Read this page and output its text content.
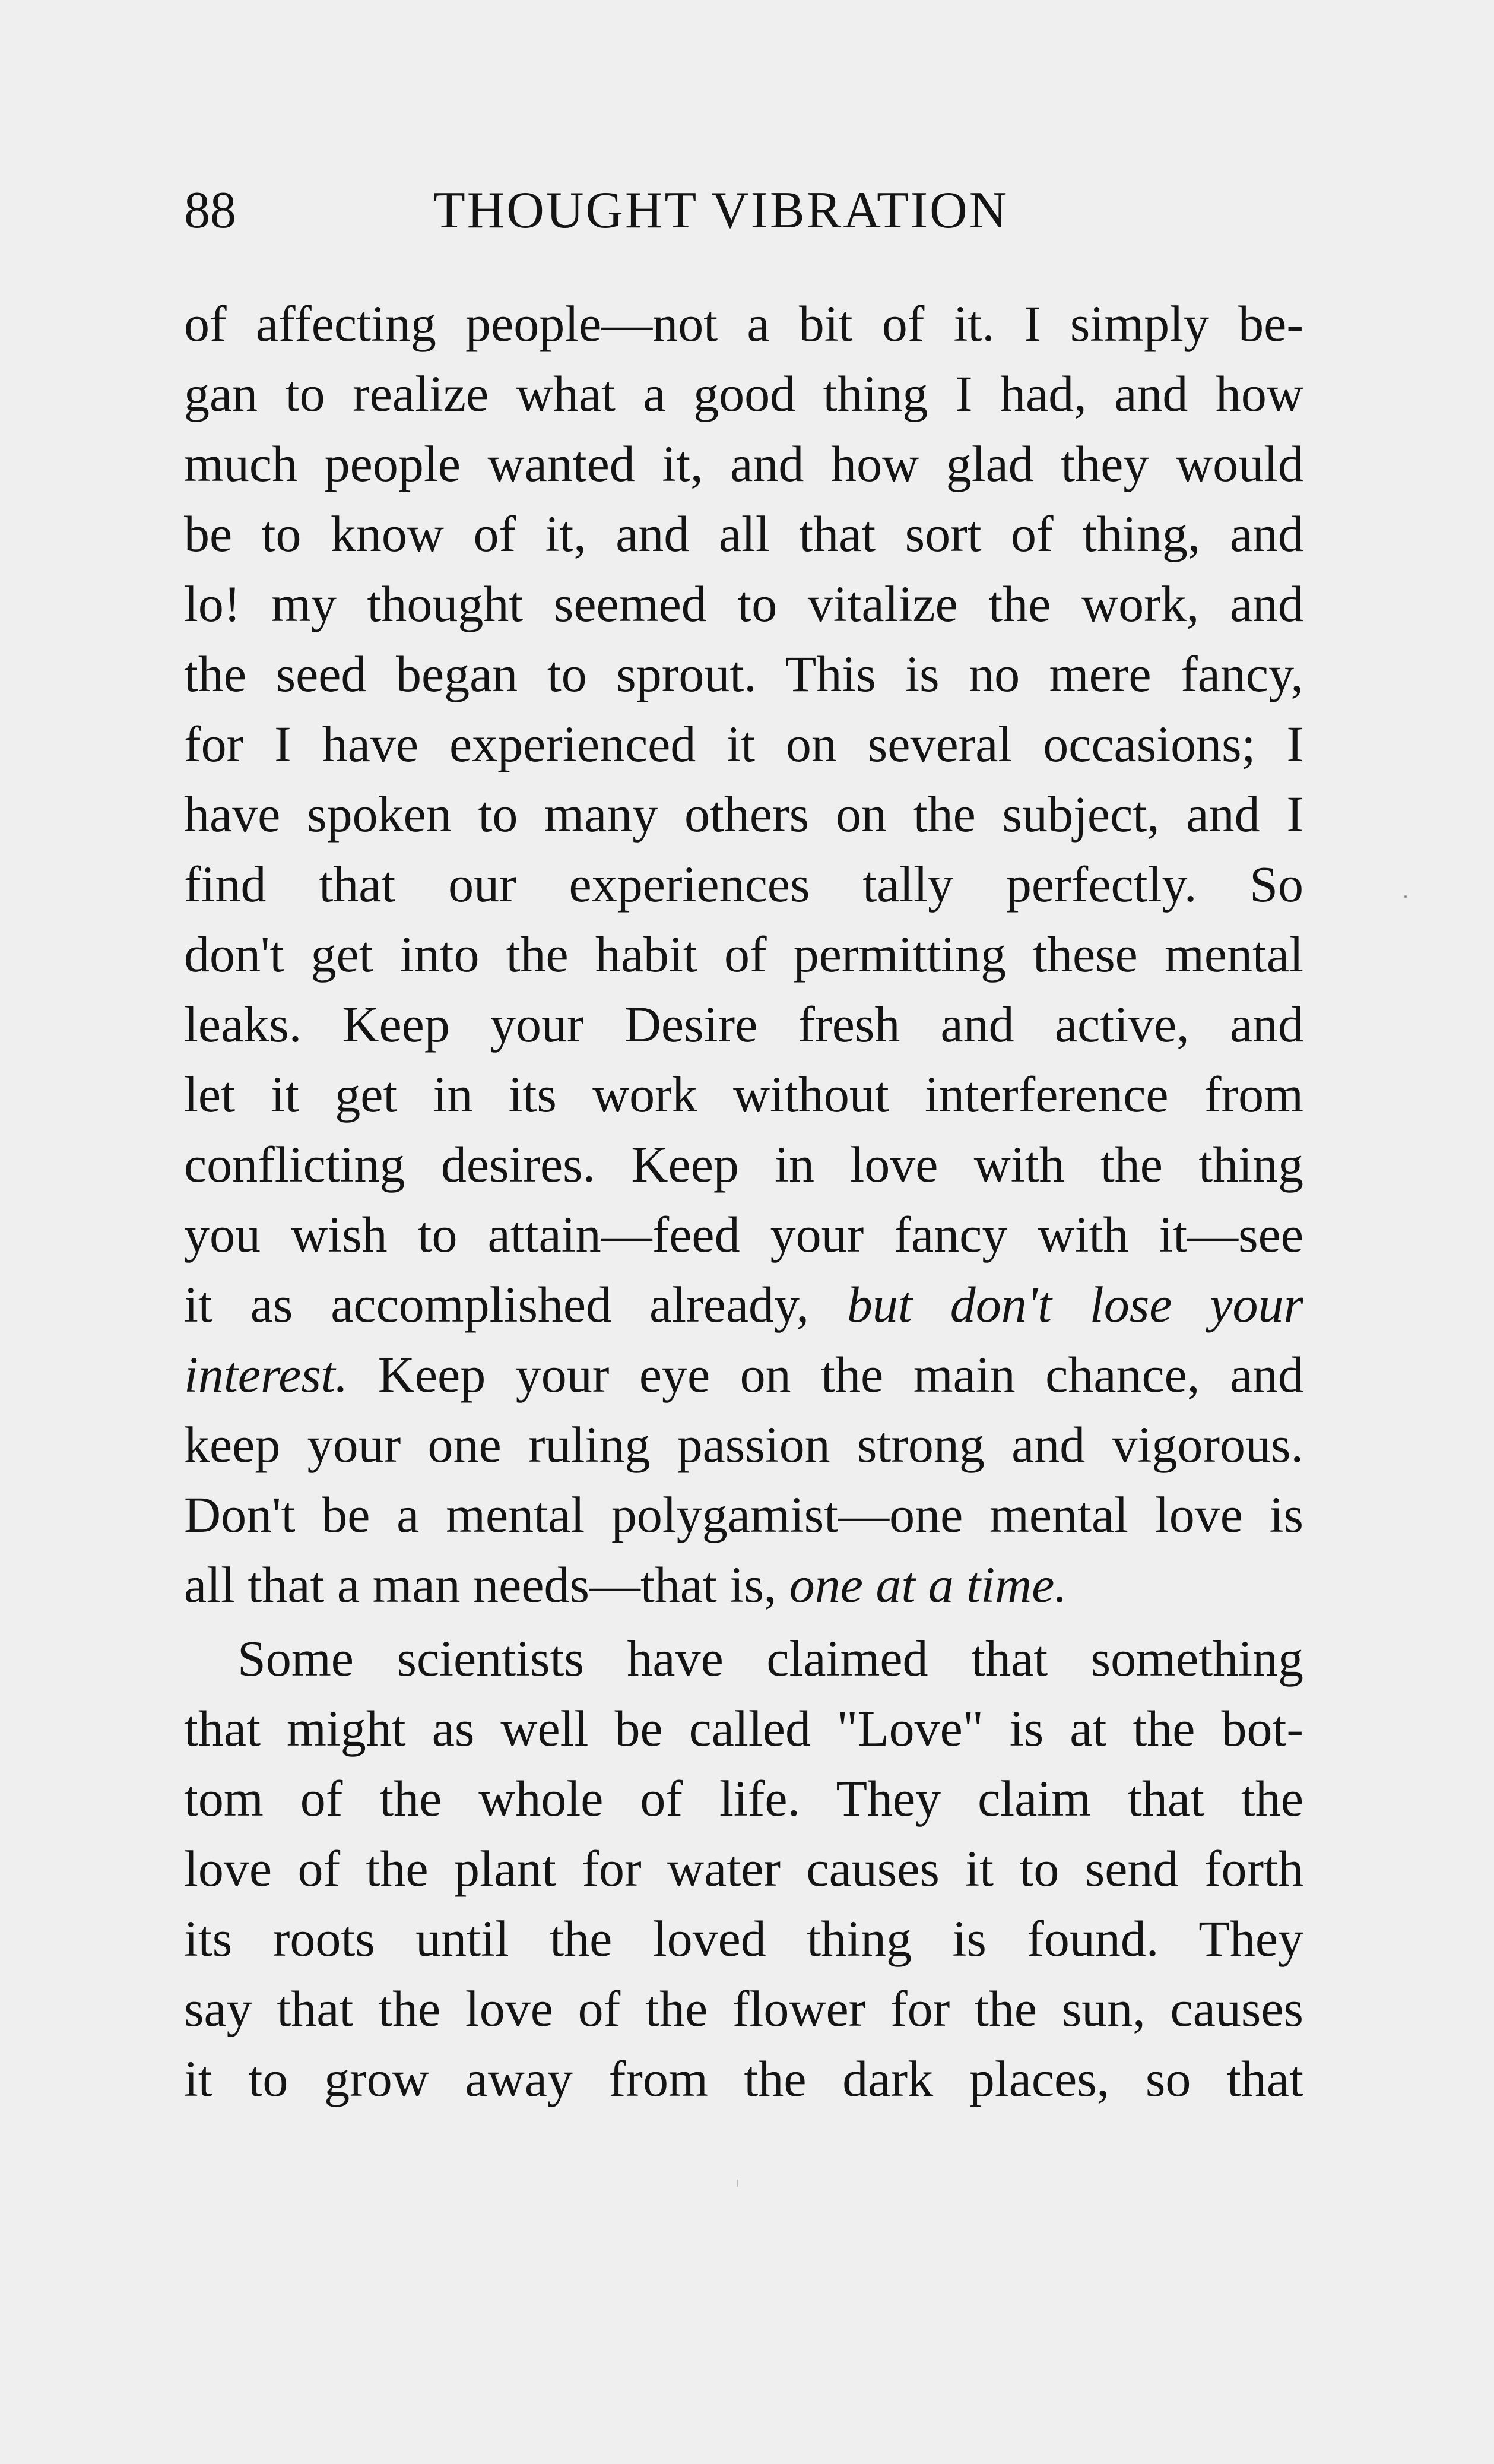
88	THOUGHT VIBRATION
of affecting people—not a bit of it. I simply be-
gan to realize what a good thing I had, and how
much people wanted it, and how glad they would
be to know of it, and all that sort of thing, and
lo! my thought seemed to vitalize the work, and
the seed began to sprout. This is no mere fancy,
for I have experienced it on several occasions; I
have spoken to many others on the subject, and I
find that our experiences tally perfectly. So
don't get into the habit of permitting these mental
leaks. Keep your Desire fresh and active, and
let it get in its work without interference from
conflicting desires. Keep in love with the thing
you wish to attain—feed your fancy with it—see
it as accomplished already, but don't lose your
interest. Keep your eye on the main chance, and
keep your one ruling passion strong and vigorous.
Don't be a mental polygamist—one mental love is
all that a man needs—that is, one at a time.
Some scientists have claimed that something
that might as well be called "Love" is at the bot-
tom of the whole of life. They claim that the
love of the plant for water causes it to send forth
its roots until the loved thing is found. They
say that the love of the flower for the sun, causes
it to grow away from the dark places, so that
